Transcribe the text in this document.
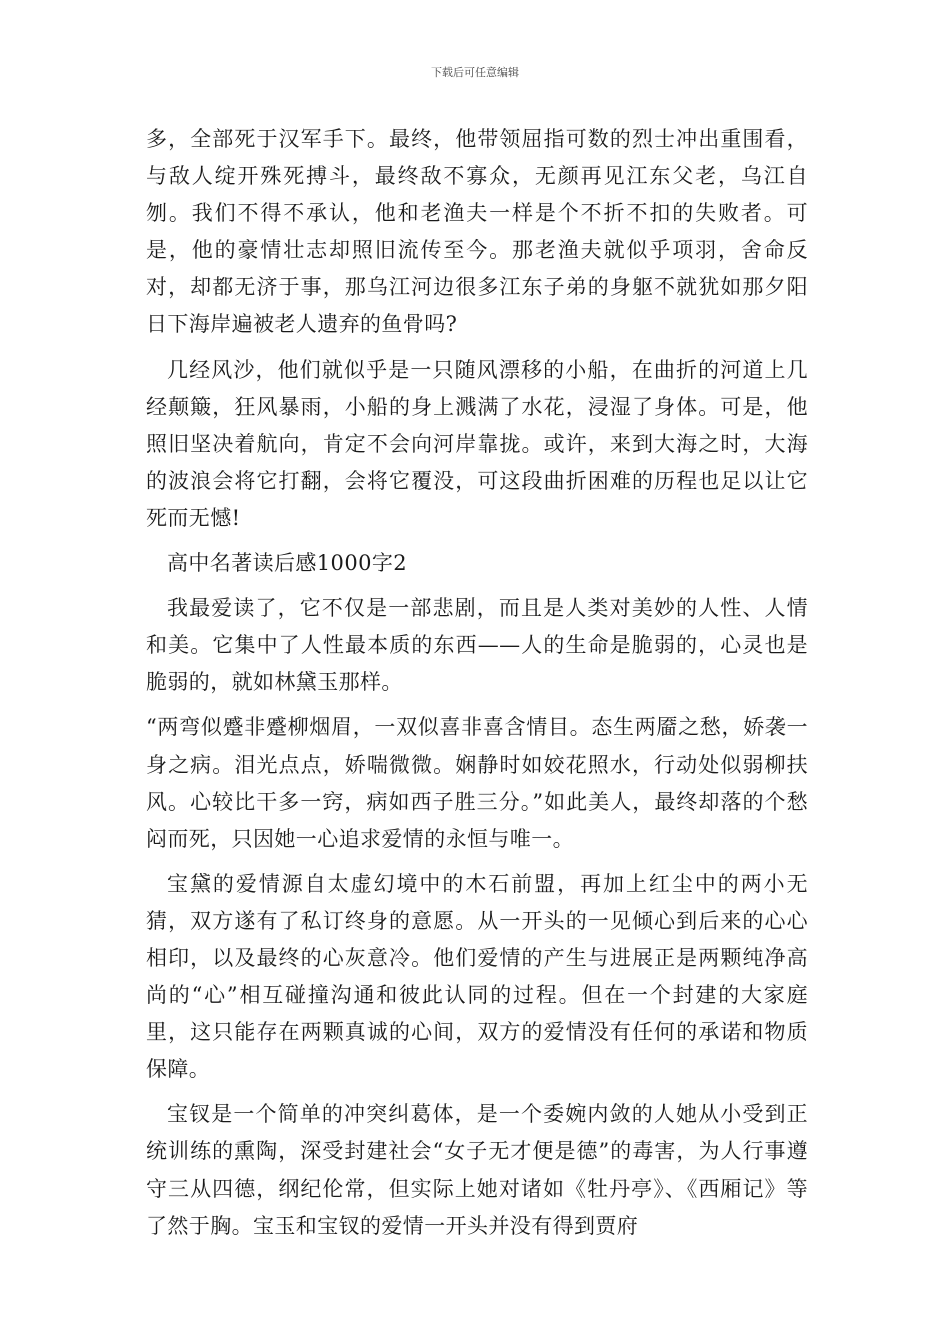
下载后可任意编辑

多，全部死于汉军手下。最终，他带领屈指可数的烈士冲出重围看，与敌人绽开殊死搏斗，最终敌不寡众，无颜再见江东父老，乌江自刎。我们不得不承认，他和老渔夫一样是个不折不扣的失败者。可是，他的豪情壮志却照旧流传至今。那老渔夫就似乎项羽，舍命反对，却都无济于事，那乌江河边很多江东子弟的身躯不就犹如那夕阳日下海岸遍被老人遗弃的鱼骨吗?

几经风沙，他们就似乎是一只随风漂移的小船，在曲折的河道上几经颠簸，狂风暴雨，小船的身上溅满了水花，浸湿了身体。可是，他照旧坚决着航向，肯定不会向河岸靠拢。或许，来到大海之时，大海的波浪会将它打翻，会将它覆没，可这段曲折困难的历程也足以让它死而无憾!

高中名著读后感1000字2

我最爱读了，它不仅是一部悲剧，而且是人类对美妙的人性、人情和美。它集中了人性最本质的东西——人的生命是脆弱的，心灵也是脆弱的，就如林黛玉那样。

“两弯似蹙非蹙柳烟眉，一双似喜非喜含情目。态生两靥之愁，娇袭一身之病。泪光点点，娇喘微微。娴静时如姣花照水，行动处似弱柳扶风。心较比干多一窍，病如西子胜三分。”如此美人，最终却落的个愁闷而死，只因她一心追求爱情的永恒与唯一。

宝黛的爱情源自太虚幻境中的木石前盟，再加上红尘中的两小无猜，双方遂有了私订终身的意愿。从一开头的一见倾心到后来的心心相印，以及最终的心灰意冷。他们爱情的产生与进展正是两颗纯净高尚的“心”相互碰撞沟通和彼此认同的过程。但在一个封建的大家庭里，这只能存在两颗真诚的心间，双方的爱情没有任何的承诺和物质保障。

宝钗是一个简单的冲突纠葛体，是一个委婉内敛的人她从小受到正统训练的熏陶，深受封建社会“女子无才便是德”的毒害，为人行事遵守三从四德，纲纪伦常，但实际上她对诸如《牡丹亭》、《西厢记》等了然于胸。宝玉和宝钗的爱情一开头并没有得到贾府
